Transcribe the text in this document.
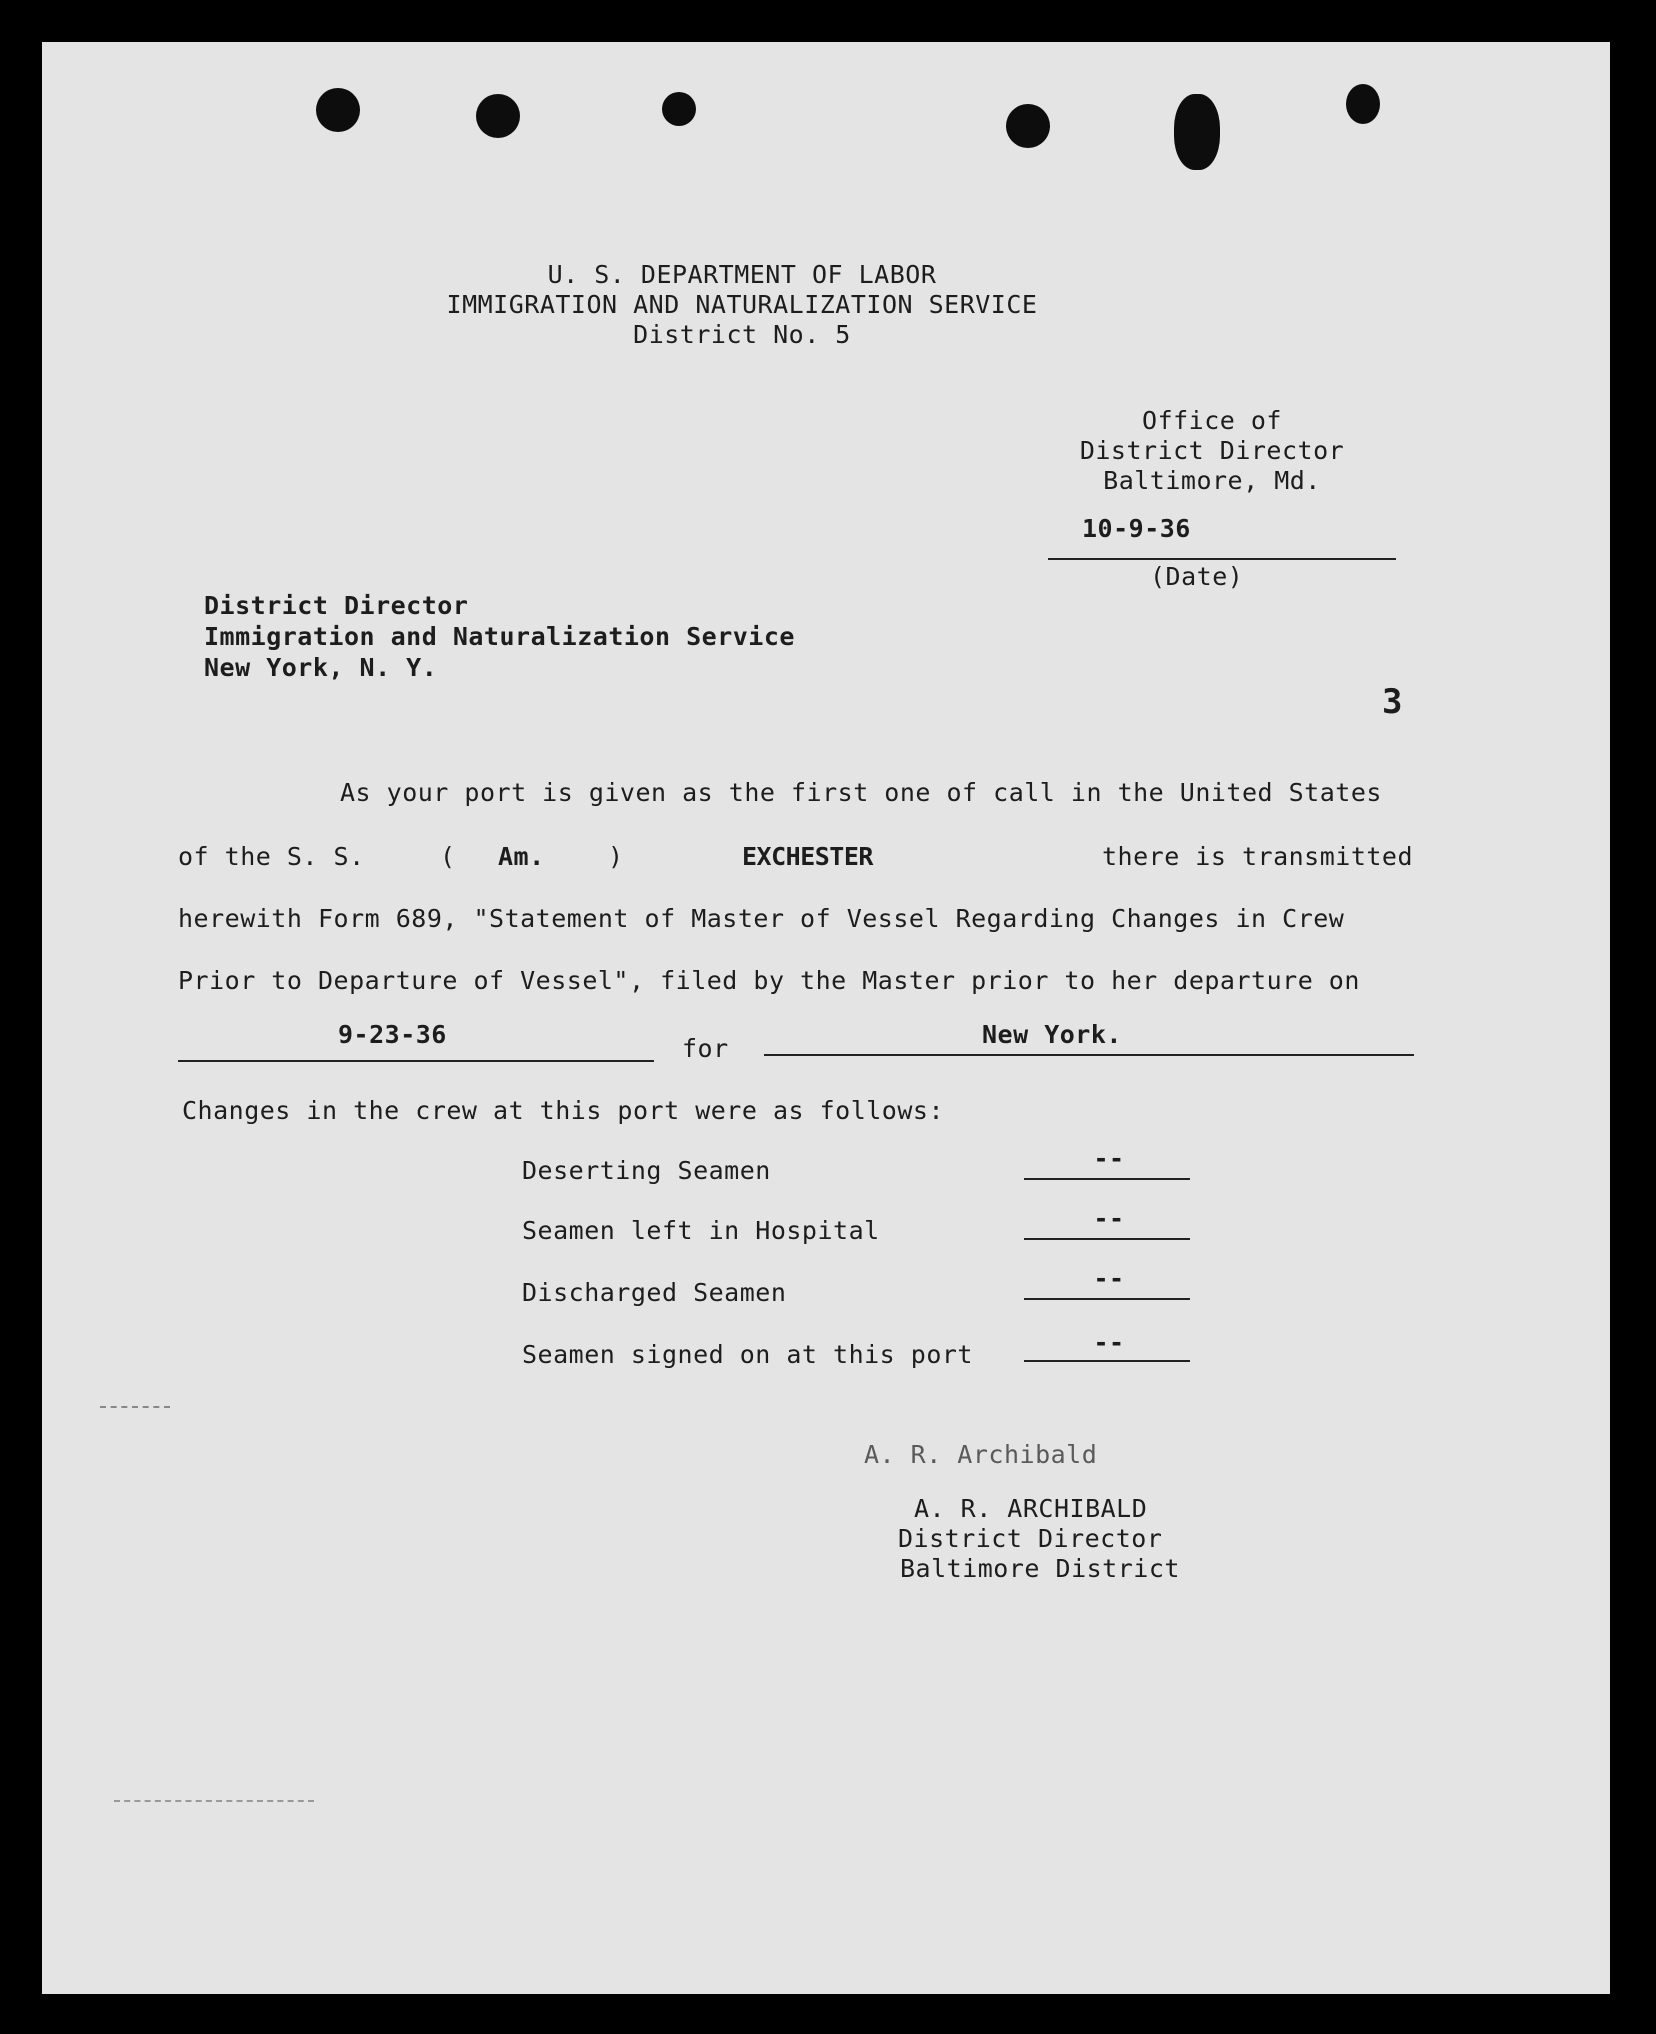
U. S. DEPARTMENT OF LABOR
IMMIGRATION AND NATURALIZATION SERVICE
District No. 5
Office of
District Director
Baltimore, Md.
10-9-36
(Date)
District Director
Immigration and Naturalization Service
New York, N. Y.
3
As your port is given as the first one of call in the United States
of the S. S.	( Am.	)	EXCHESTER	there is transmitted
herewith Form 689, "Statement of Master of Vessel Regarding Changes in Crew
Prior to Departure of Vessel", filed by the Master prior to her departure on
9-23-36	for	New York.
Changes in the crew at this port were as follows:
Deserting Seamen	--
Seamen left in Hospital	--
Discharged Seamen	--
Seamen signed on at this port	--
A. R. Archibald
A. R. ARCHIBALD
District Director
Baltimore District
